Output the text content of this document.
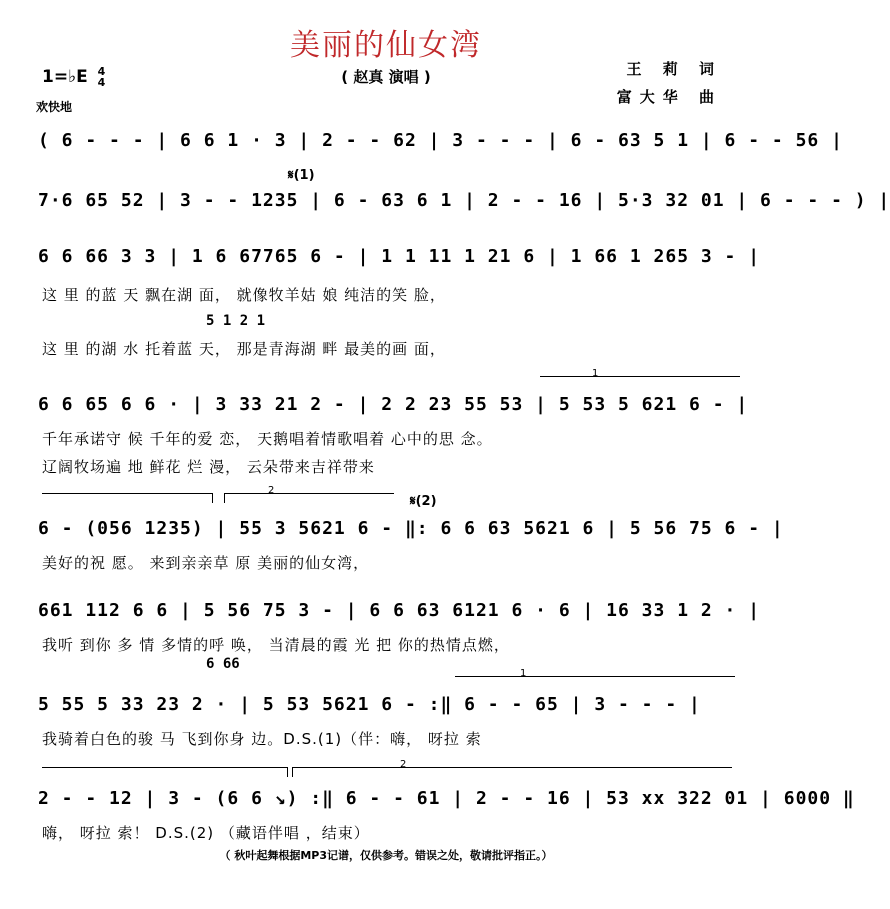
美丽的仙女湾
( 赵真 演唱 )	王 莉 词
富大华 曲
1=♭E 4
4
欢快地
( 6 - - - | 6 6 1 · 3 | 2 - - 62 | 3 - - - | 6 - 63 5 1 | 6 - - 56 |
𝄋(1)
7·6 65 52 | 3 - - 1235 | 6 - 63 6 1 | 2 - - 16 | 5·3 32 01 | 6 - - - ) |
6 6 66 3 3 | 1 6 67765 6 - | 1 1 11 1 21 6 | 1 66 1 265 3 - |
这 里 的蓝 天 飘在湖 面， 就像牧羊姑 娘 纯洁的笑 脸，
5 1 2 1
这 里 的湖 水 托着蓝 天， 那是青海湖 畔 最美的画 面，
1
6 6 65 6 6 · | 3 33 21 2 - | 2 2 23 55 53 | 5 53 5 621 6 - |
千年承诺守 候 千年的爱 恋， 天鹅唱着情歌唱着 心中的思 念。
辽阔牧场遍 地 鲜花 烂 漫， 云朵带来吉祥带来
2
𝄋(2)
6 - (056 1235) | 55 3 5621 6 - ‖: 6 6 63 5621 6 | 5 56 75 6 - |
美好的祝 愿。 来到亲亲草 原 美丽的仙女湾，
661 112 6 6 | 5 56 75 3 - | 6 6 63 6121 6 · 6 | 16 33 1 2 · |
我听 到你 多 情 多情的呼 唤， 当清晨的霞 光 把 你的热情点燃，
6 66
1
5 55 5 33 23 2 · | 5 53 5621 6 - :‖ 6 - - 65 | 3 - - - |
我骑着白色的骏 马 飞到你身 边。D.S.(1)（伴：嗨， 呀拉 索
2
2 - - 12 | 3 - (6 6 ↘) :‖ 6 - - 61 | 2 - - 16 | 53 xx 322 01 | 6000 ‖
嗨， 呀拉 索！ D.S.(2) （藏语伴唱 ，结束）
（ 秋叶起舞根据MP3记谱，仅供参考。错误之处，敬请批评指正。）
